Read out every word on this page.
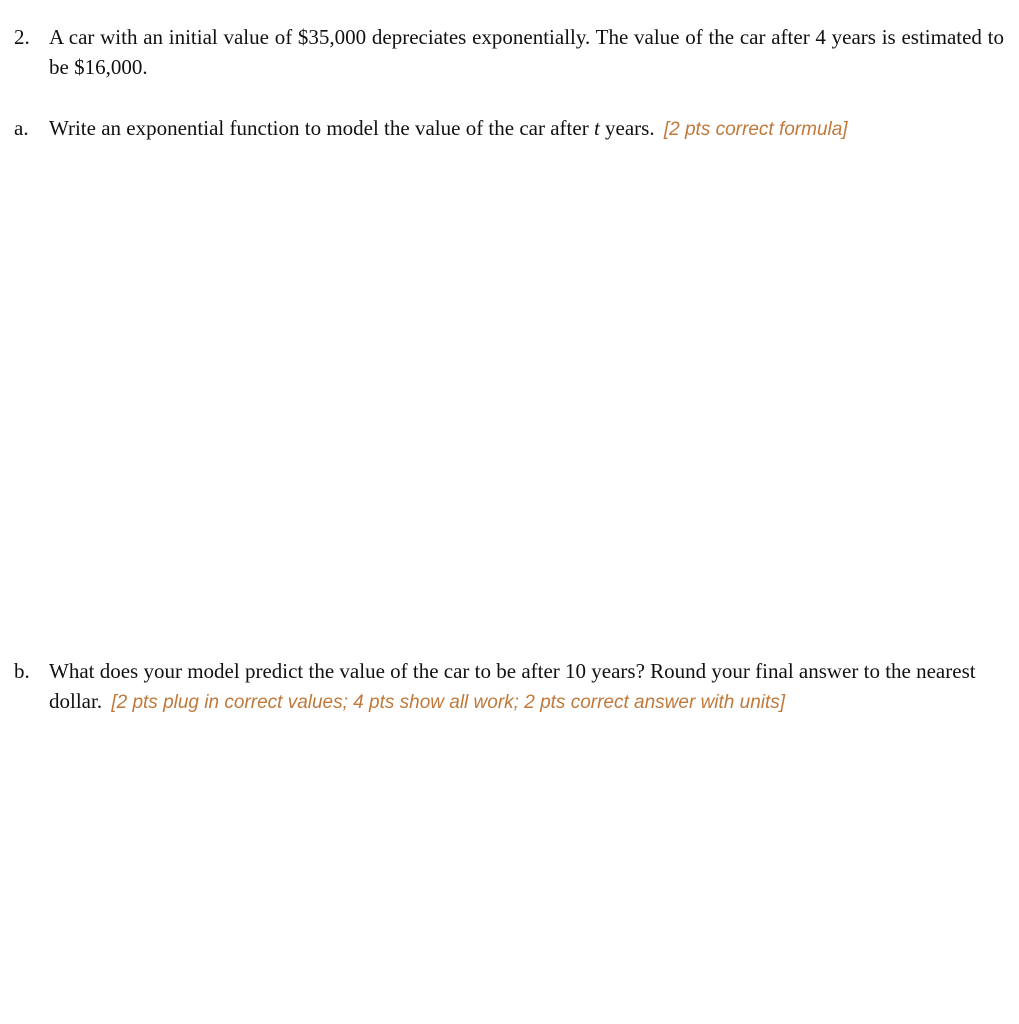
2. A car with an initial value of $35,000 depreciates exponentially. The value of the car after 4 years is estimated to be $16,000.
a. Write an exponential function to model the value of the car after t years. [2 pts correct formula]
b. What does your model predict the value of the car to be after 10 years? Round your final answer to the nearest dollar. [2 pts plug in correct values; 4 pts show all work; 2 pts correct answer with units]
